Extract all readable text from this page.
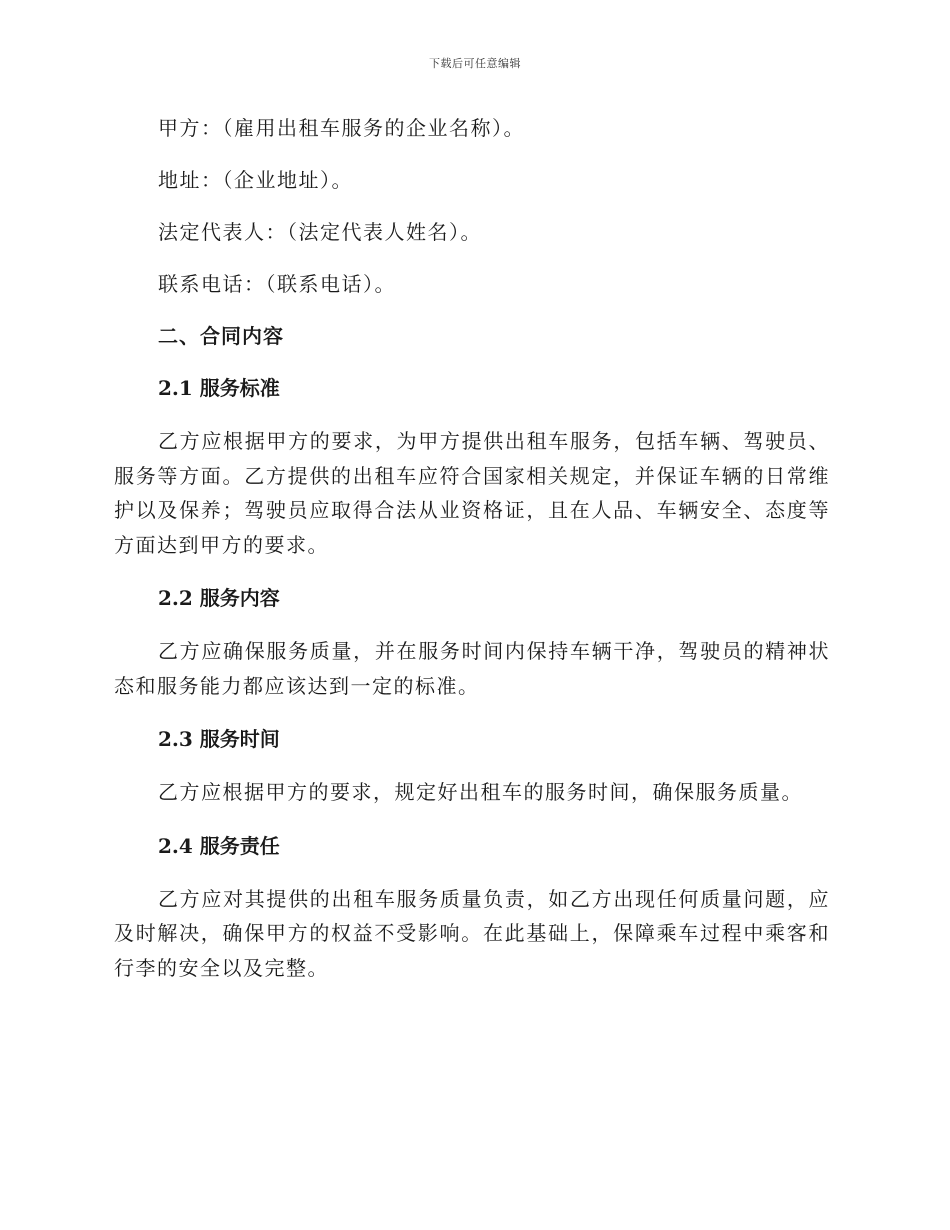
下载后可任意编辑

甲方：（雇用出租车服务的企业名称）。

地址：（企业地址）。

法定代表人：（法定代表人姓名）。

联系电话：（联系电话）。

二、合同内容
2.1 服务标准

乙方应根据甲方的要求，为甲方提供出租车服务，包括车辆、驾驶员、服务等方面。乙方提供的出租车应符合国家相关规定，并保证车辆的日常维护以及保养；驾驶员应取得合法从业资格证，且在人品、车辆安全、态度等方面达到甲方的要求。

2.2 服务内容

乙方应确保服务质量，并在服务时间内保持车辆干净，驾驶员的精神状态和服务能力都应该达到一定的标准。

2.3 服务时间

乙方应根据甲方的要求，规定好出租车的服务时间，确保服务质量。

2.4 服务责任

乙方应对其提供的出租车服务质量负责，如乙方出现任何质量问题，应及时解决，确保甲方的权益不受影响。在此基础上，保障乘车过程中乘客和行李的安全以及完整。
